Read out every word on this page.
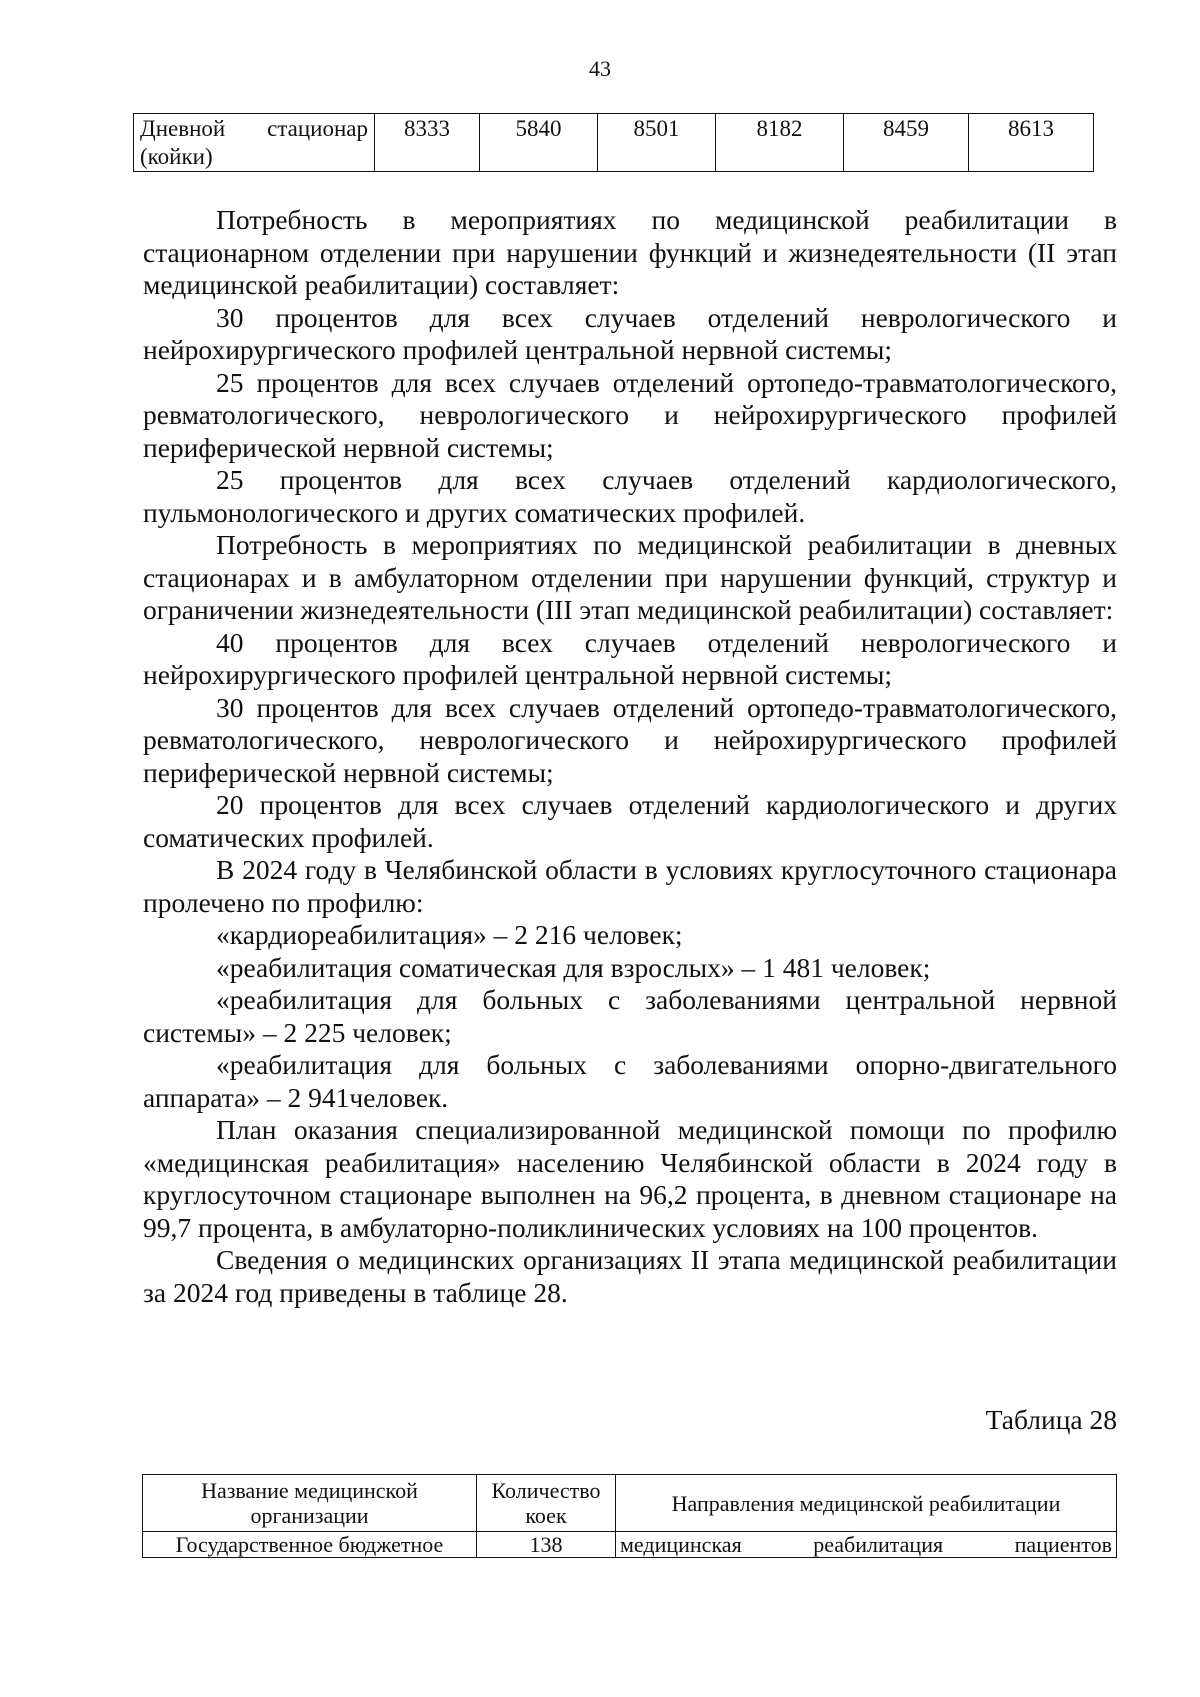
43
Дневной стационар
(койки)
	8333	5840	8501	8182	8459	8613

Потребность в мероприятиях по медицинской реабилитации в стационарном отделении при нарушении функций и жизнедеятельности (II этап медицинской реабилитации) составляет:

30 процентов для всех случаев отделений неврологического и нейрохирургического профилей центральной нервной системы;

25 процентов для всех случаев отделений ортопедо-травматологического, ревматологического, неврологического и нейрохирургического профилей периферической нервной системы;

25 процентов для всех случаев отделений кардиологического, пульмонологического и других соматических профилей.

Потребность в мероприятиях по медицинской реабилитации в дневных стационарах и в амбулаторном отделении при нарушении функций, структур и ограничении жизнедеятельности (III этап медицинской реабилитации) составляет:

40 процентов для всех случаев отделений неврологического и нейрохирургического профилей центральной нервной системы;

30 процентов для всех случаев отделений ортопедо-травматологического, ревматологического, неврологического и нейрохирургического профилей периферической нервной системы;

20 процентов для всех случаев отделений кардиологического и других соматических профилей.

В 2024 году в Челябинской области в условиях круглосуточного стационара пролечено по профилю:

«кардиореабилитация» – 2 216 человек;

«реабилитация соматическая для взрослых» – 1 481 человек;

«реабилитация для больных с заболеваниями центральной нервной системы» – 2 225 человек;

«реабилитация для больных с заболеваниями опорно-двигательного аппарата» – 2 941человек.

План оказания специализированной медицинской помощи по профилю «медицинская реабилитация» населению Челябинской области в 2024 году в круглосуточном стационаре выполнен на 96,2 процента, в дневном стационаре на 99,7 процента, в амбулаторно-поликлинических условиях на 100 процентов.

Сведения о медицинских организациях II этапа медицинской реабилитации за 2024 год приведены в таблице 28.

Таблица 28
Название медицинской организации	Количество коек	Направления медицинской реабилитации
Государственное бюджетное	138	медицинская реабилитация пациентов
